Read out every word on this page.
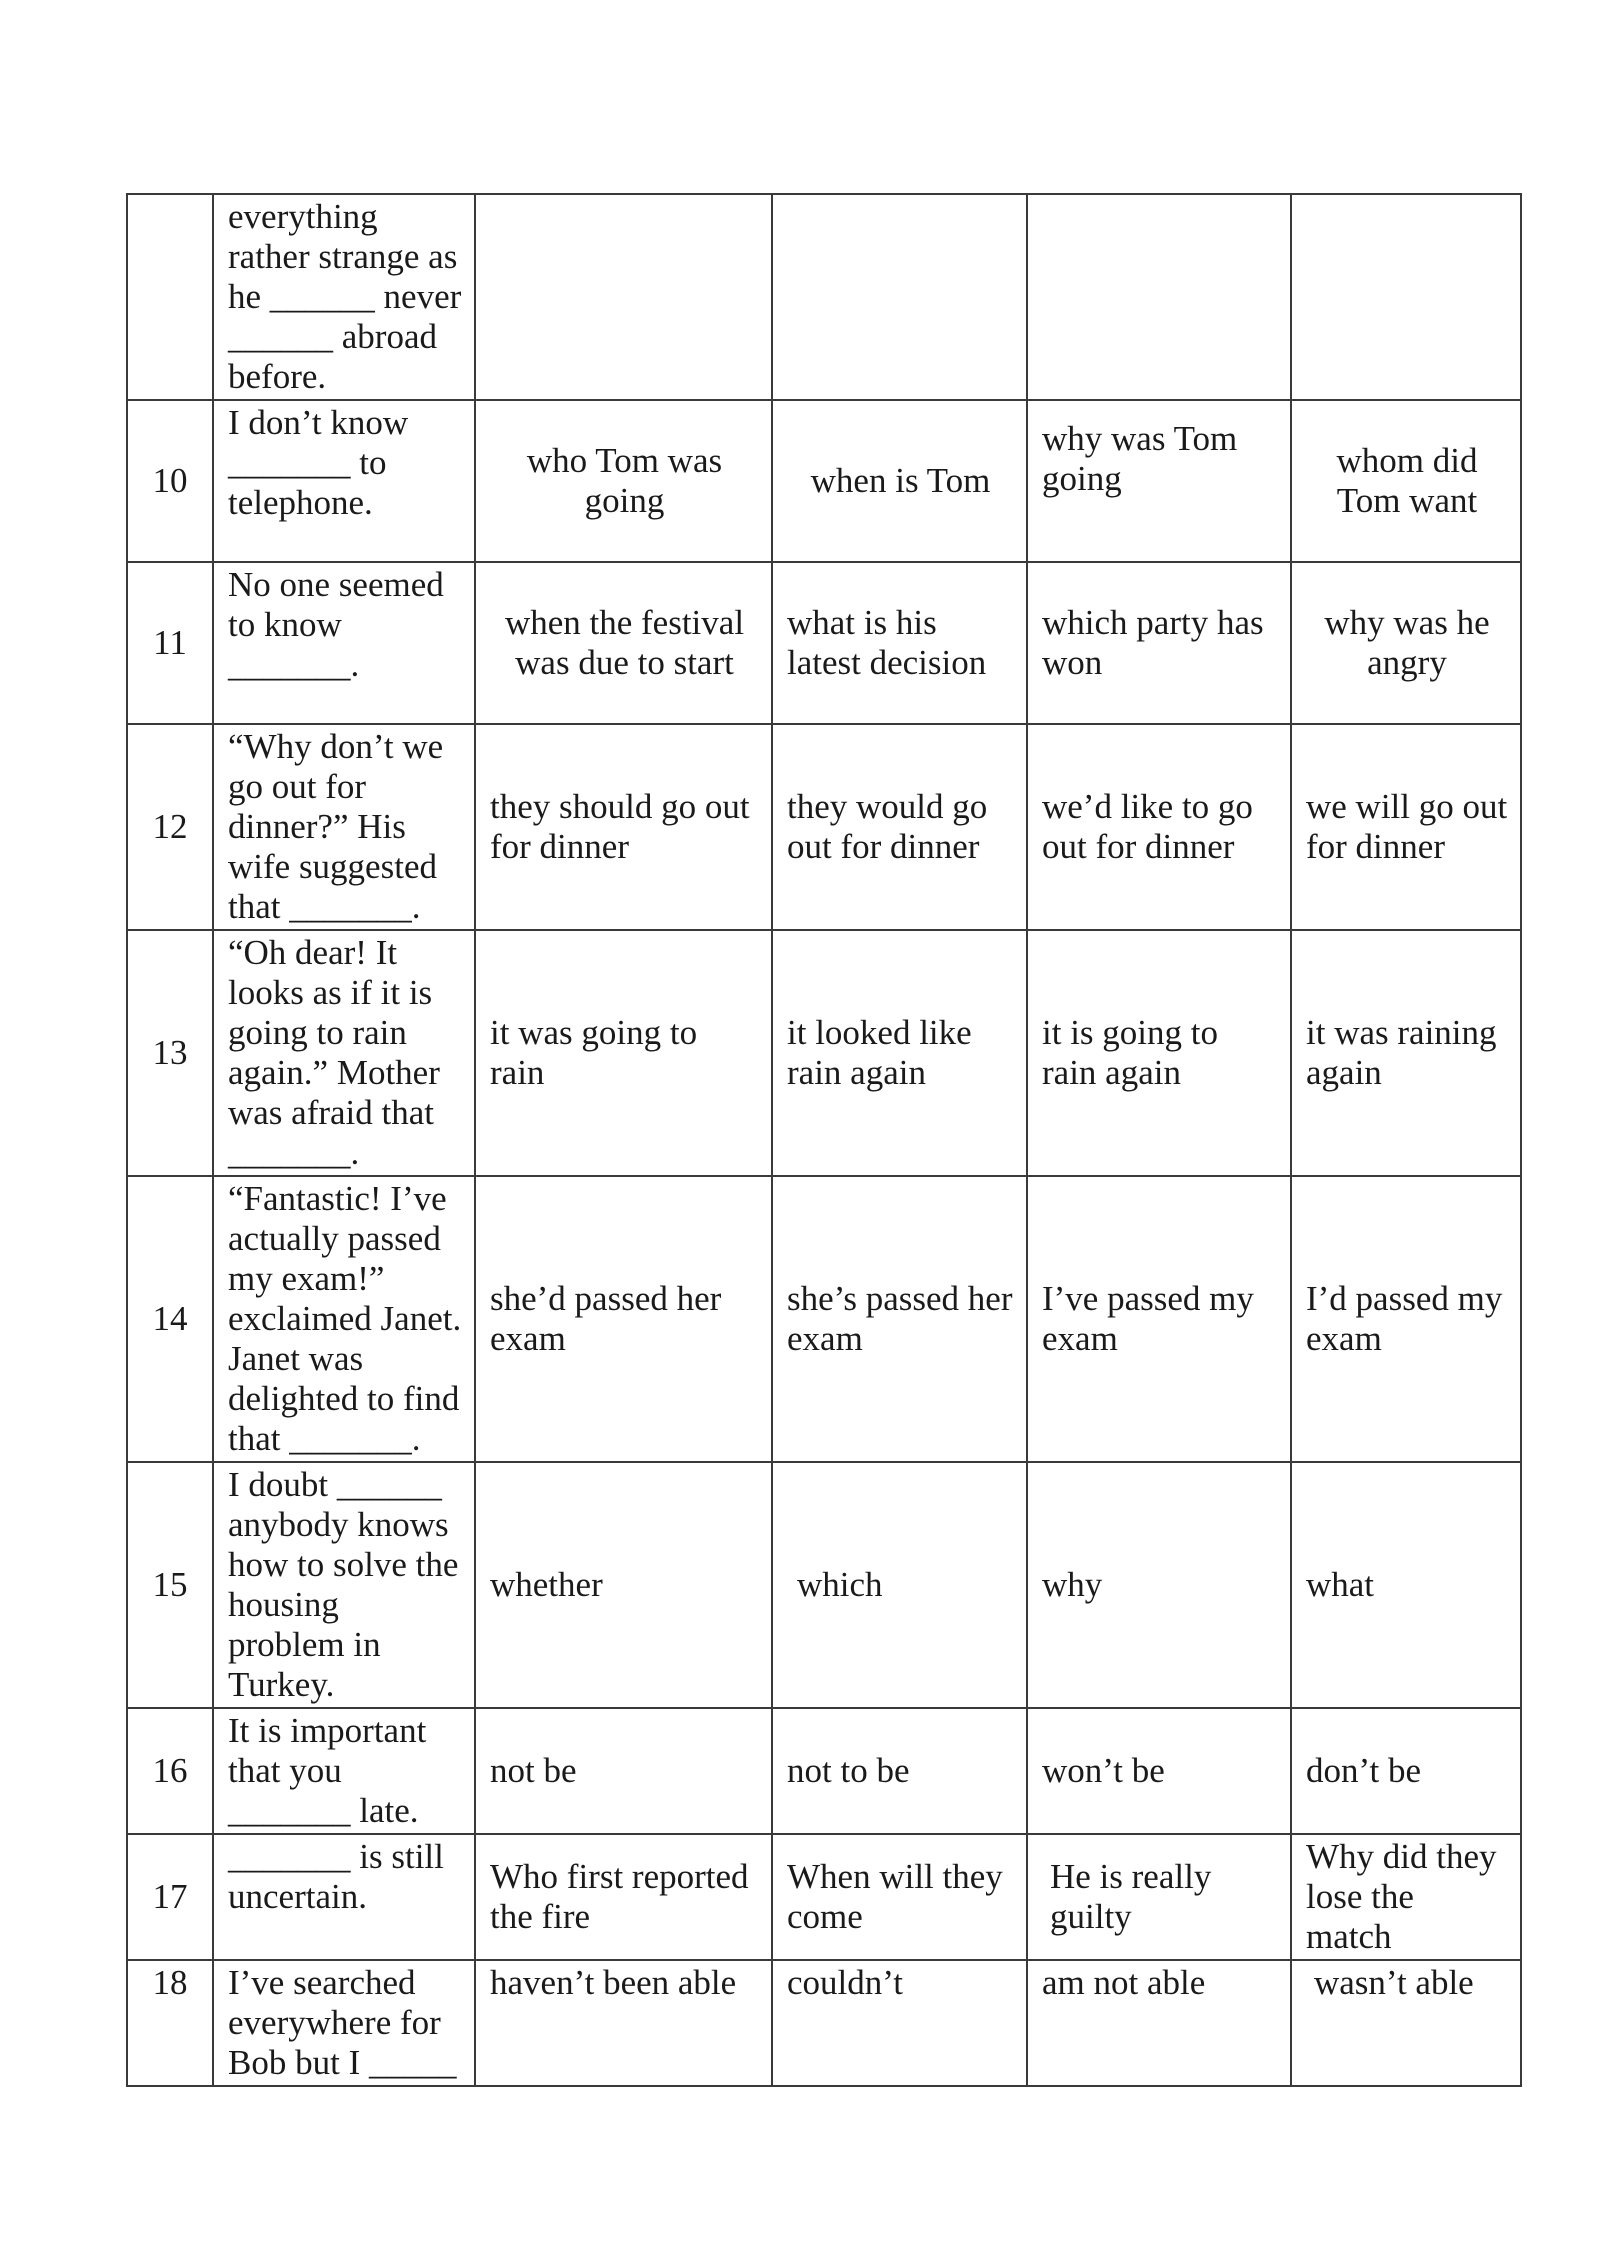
	everything rather strange as he ______ never ______ abroad before.				
10	I don’t know _______ to telephone.	who Tom was going	when is Tom	why was Tom going	whom did Tom want
11	No one seemed to know _______.	when the festival was due to start	what is his latest decision	which party has won	why was he angry
12	“Why don’t we go out for dinner?” His wife suggested that _______.	they should go out for dinner	they would go out for dinner	we’d like to go out for dinner	we will go out for dinner
13	“Oh dear! It looks as if it is going to rain again.” Mother was afraid that _______.	it was going to rain	it looked like rain again	it is going to rain again	it was raining again
14	“Fantastic! I’ve actually passed my exam!” exclaimed Janet. Janet was delighted to find that _______.	she’d passed her exam	she’s passed her exam	I’ve passed my exam	I’d passed my exam
15	I doubt ______ anybody knows how to solve the housing problem in Turkey.	whether	which	why	what
16	It is important that you _______ late.	not be	not to be	won’t be	don’t be
17	_______ is still uncertain.	Who first reported the fire	When will they come	He is really guilty	Why did they lose the match
18	I’ve searched everywhere for Bob but I _____	haven’t been able	couldn’t	am not able	wasn’t able
